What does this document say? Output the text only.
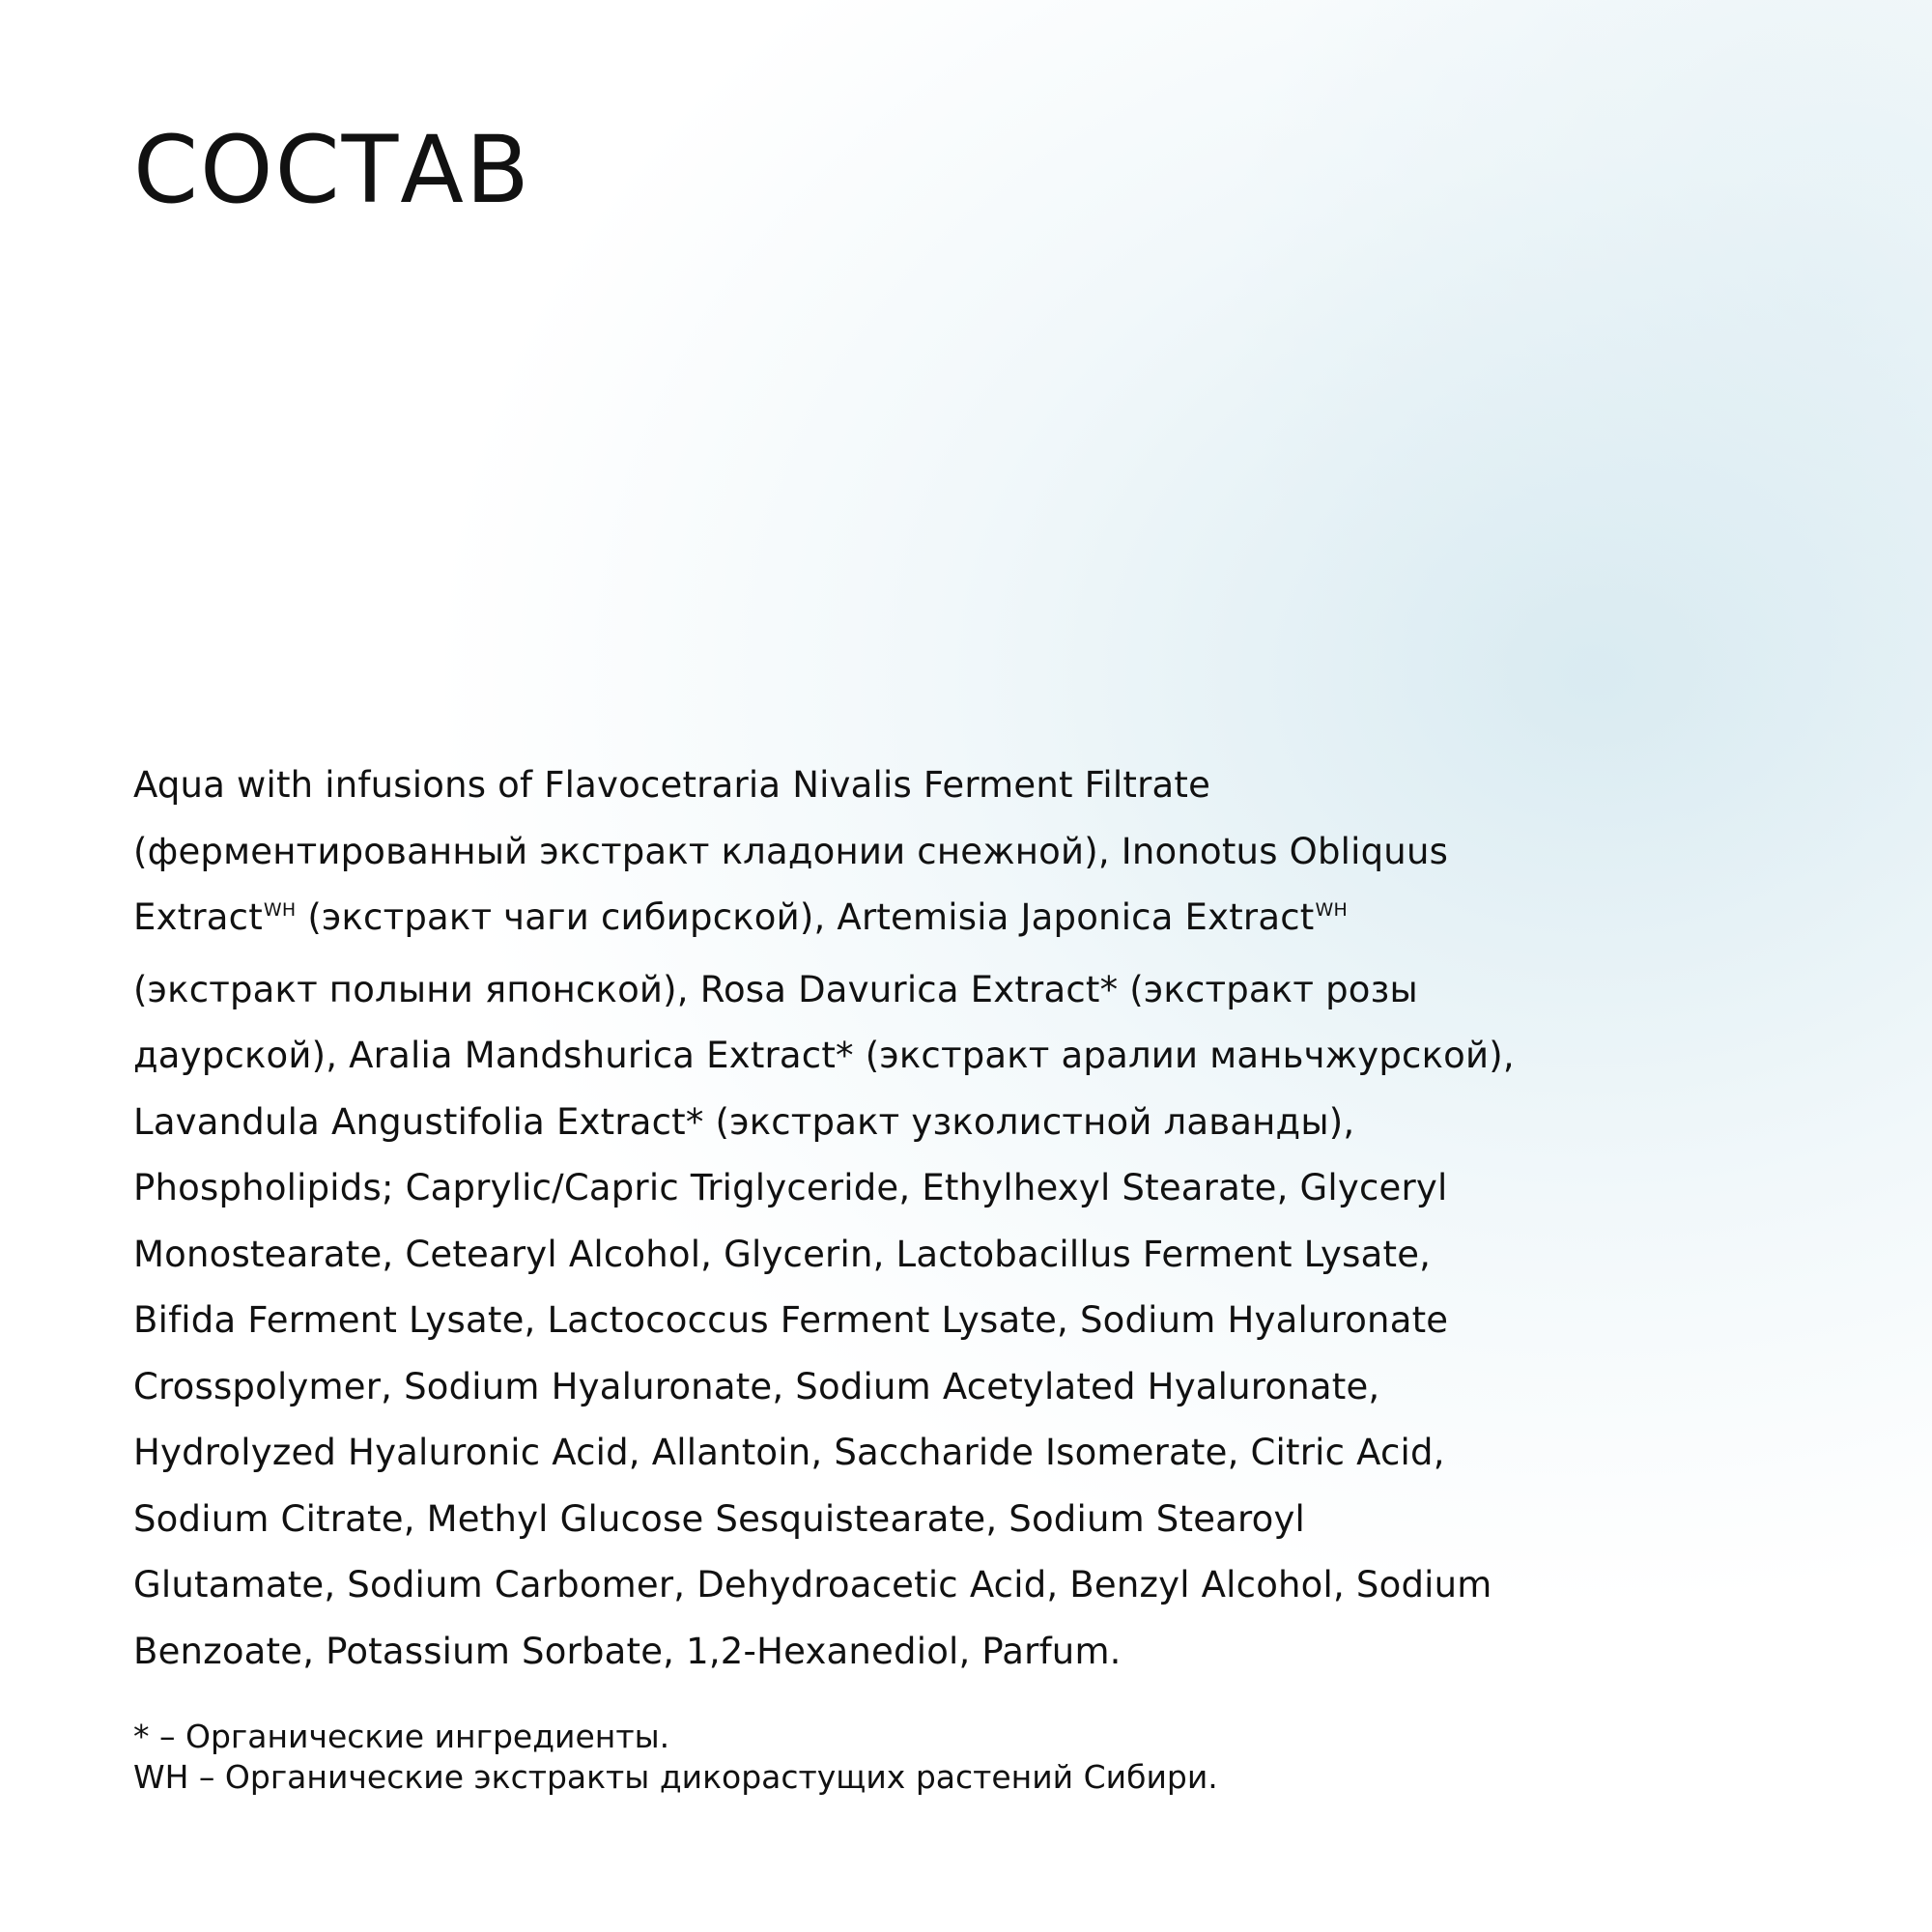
СОСТАВ
Aqua with infusions of Flavocetraria Nivalis Ferment Filtrate
(ферментированный экстракт кладонии снежной), Inonotus Obliquus
Extract$^{WH}$ (экстракт чаги сибирской), Artemisia Japonica Extract$^{WH}$
(экстракт полыни японской), Rosa Davurica Extract* (экстракт розы
даурской), Aralia Mandshurica Extract* (экстракт аралии маньчжурской),
Lavandula Angustifolia Extract* (экстракт узколистной лаванды),
Phospholipids; Caprylic/Capric Triglyceride, Ethylhexyl Stearate, Glyceryl
Monostearate, Cetearyl Alcohol, Glycerin, Lactobacillus Ferment Lysate,
Bifida Ferment Lysate, Lactococcus Ferment Lysate, Sodium Hyaluronate
Crosspolymer, Sodium Hyaluronate, Sodium Acetylated Hyaluronate,
Hydrolyzed Hyaluronic Acid, Allantoin, Saccharide Isomerate, Citric Acid,
Sodium Citrate, Methyl Glucose Sesquistearate, Sodium Stearoyl
Glutamate, Sodium Carbomer, Dehydroacetic Acid, Benzyl Alcohol, Sodium
Benzoate, Potassium Sorbate, 1,2-Hexanediol, Parfum.
* – Органические ингредиенты.
WH – Органические экстракты дикорастущих растений Сибири.
